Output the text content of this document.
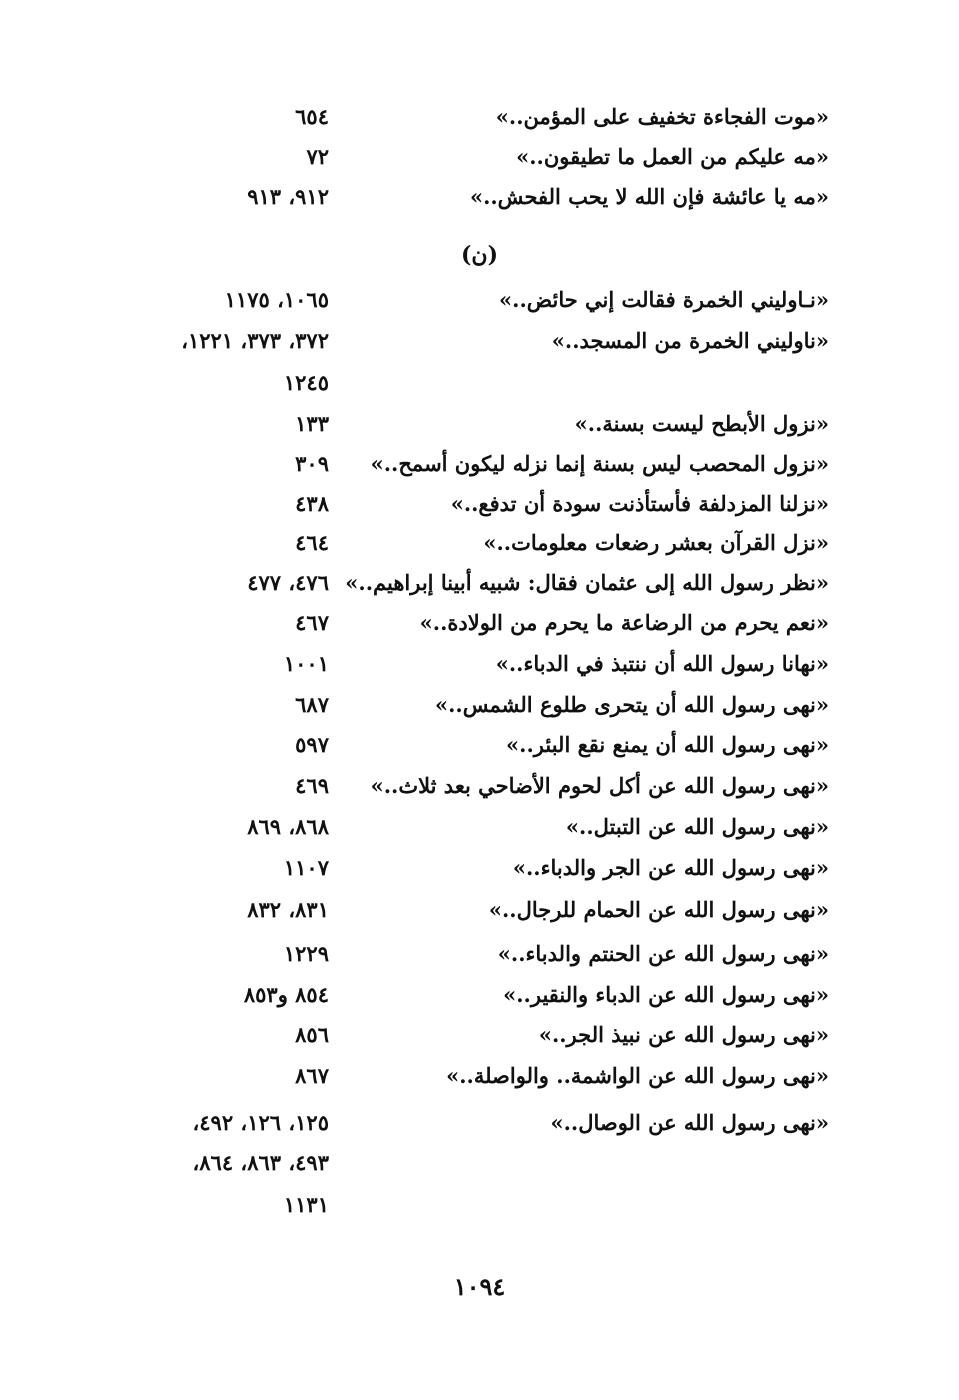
«موت الفجاءة تخفيف على المؤمن..»
٦٥٤
«مه عليكم من العمل ما تطيقون..»
٧٢
«مه يا عائشة فإن الله لا يحب الفحش..»
٩١٢، ٩١٣
(ن)
«نـاوليني الخمرة فقالت إني حائض..»
١٠٦٥، ١١٧٥
«ناوليني الخمرة من المسجد..»
٣٧٢، ٣٧٣، ١٢٢١،
١٢٤٥
«نزول الأبطح ليست بسنة..»
١٣٣
«نزول المحصب ليس بسنة إنما نزله ليكون أسمح..»
٣٠٩
«نزلنا المزدلفة فأستأذنت سودة أن تدفع..»
٤٣٨
«نزل القرآن بعشر رضعات معلومات..»
٤٦٤
«نظر رسول الله إلى عثمان فقال: شبيه أبينا إبراهيم..»
٤٧٦، ٤٧٧
«نعم يحرم من الرضاعة ما يحرم من الولادة..»
٤٦٧
«نهانا رسول الله أن ننتبذ في الدباء..»
١٠٠١
«نهى رسول الله أن يتحرى طلوع الشمس..»
٦٨٧
«نهى رسول الله أن يمنع نقع البئر..»
٥٩٧
«نهى رسول الله عن أكل لحوم الأضاحي بعد ثلاث..»
٤٦٩
«نهى رسول الله عن التبتل..»
٨٦٨، ٨٦٩
«نهى رسول الله عن الجر والدباء..»
١١٠٧
«نهى رسول الله عن الحمام للرجال..»
٨٣١، ٨٣٢
«نهى رسول الله عن الحنتم والدباء..»
١٢٢٩
«نهى رسول الله عن الدباء والنقير..»
٨٥٤ و٨٥٣
«نهى رسول الله عن نبيذ الجر..»
٨٥٦
«نهى رسول الله عن الواشمة.. والواصلة..»
٨٦٧
«نهى رسول الله عن الوصال..»
١٢٥، ١٢٦، ٤٩٢،
٤٩٣، ٨٦٣، ٨٦٤،
١١٣١
١٠٩٤
